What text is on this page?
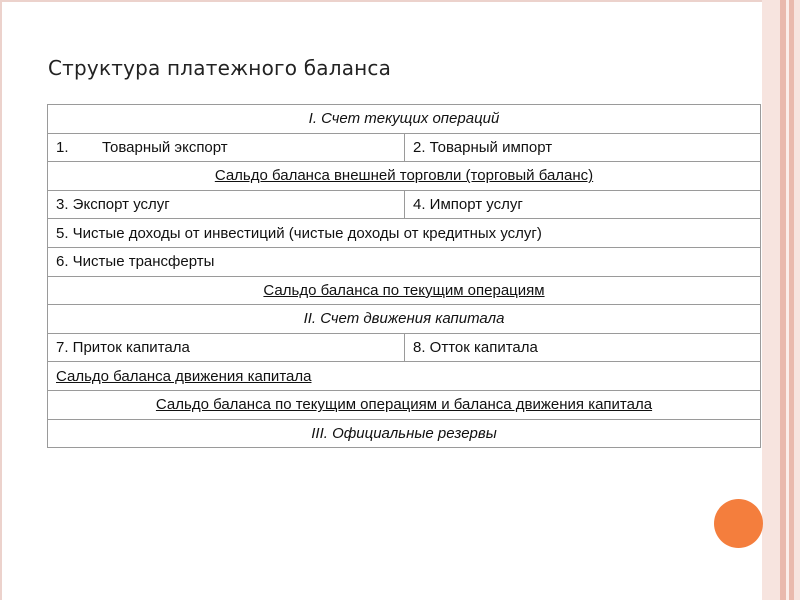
Структура платежного баланса
I. Счет текущих операций	
1. Товарный экспорт	2. Товарный импорт
Сальдо баланса внешней торговли (торговый баланс)	
3. Экспорт услуг	4. Импорт услуг
5. Чистые доходы от инвестиций (чистые доходы от кредитных услуг)	
6. Чистые трансферты	
Сальдо баланса по текущим операциям	
II. Счет движения капитала	
7. Приток капитала	8. Отток капитала
Сальдо баланса движения капитала	
Сальдо баланса по текущим операциям и баланса движения капитала	
III. Официальные резервы	
